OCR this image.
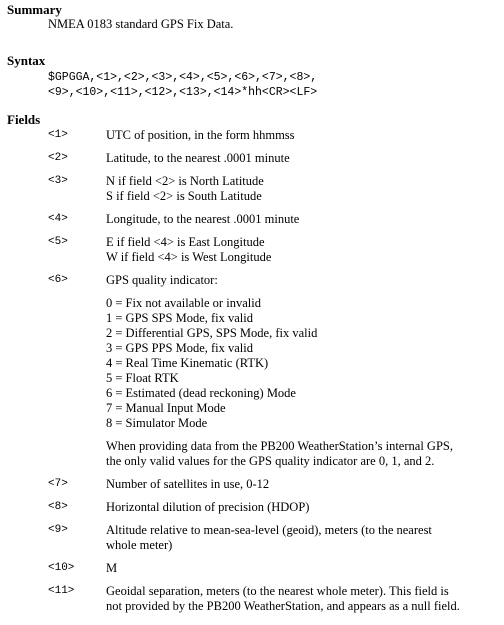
Summary
NMEA 0183 standard GPS Fix Data.
Syntax
$GPGGA,<1>,<2>,<3>,<4>,<5>,<6>,<7>,<8>,
<9>,<10>,<11>,<12>,<13>,<14>*hh<CR><LF>
Fields
<1>	UTC of position, in the form hhmmss
<2>	Latitude, to the nearest .0001 minute
<3>	N if field <2> is North Latitude
S if field <2> is South Latitude
<4>	Longitude, to the nearest .0001 minute
<5>	E if field <4> is East Longitude
W if field <4> is West Longitude
<6>	GPS quality indicator:
0 = Fix not available or invalid
1 = GPS SPS Mode, fix valid
2 = Differential GPS, SPS Mode, fix valid
3 = GPS PPS Mode, fix valid
4 = Real Time Kinematic (RTK)
5 = Float RTK
6 = Estimated (dead reckoning) Mode
7 = Manual Input Mode
8 = Simulator Mode
When providing data from the PB200 WeatherStation’s internal GPS,
the only valid values for the GPS quality indicator are 0, 1, and 2.
<7>	Number of satellites in use, 0-12
<8>	Horizontal dilution of precision (HDOP)
<9>	Altitude relative to mean-sea-level (geoid), meters (to the nearest
whole meter)
<10>	M
<11>	Geoidal separation, meters (to the nearest whole meter). This field is
not provided by the PB200 WeatherStation, and appears as a null field.
